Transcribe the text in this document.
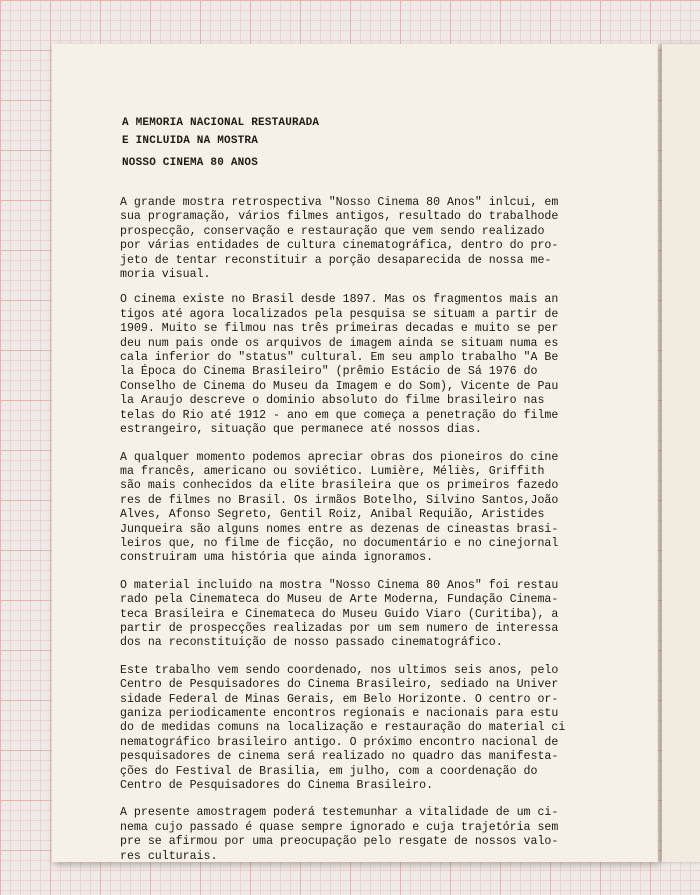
A MEMORIA NACIONAL RESTAURADA
E INCLUIDA NA MOSTRA
NOSSO CINEMA 80 ANOS
A grande mostra retrospectiva "Nosso Cinema 80 Anos" inlcui, em
sua programação, vários filmes antigos, resultado do trabalhode
prospecção, conservação e restauração que vem sendo realizado
por várias entidades de cultura cinematográfica, dentro do pro-
jeto de tentar reconstituir a porção desaparecida de nossa me-
moria visual.
O cinema existe no Brasil desde 1897. Mas os fragmentos mais an
tigos até agora localizados pela pesquisa se situam a partir de
1909. Muito se filmou nas três primeiras decadas e muito se per
deu num pais onde os arquivos de imagem ainda se situam numa es
cala inferior do "status" cultural. Em seu amplo trabalho "A Be
la Época do Cinema Brasileiro" (prêmio Estácio de Sá 1976 do
Conselho de Cinema do Museu da Imagem e do Som), Vicente de Pau
la Araujo descreve o dominio absoluto do filme brasileiro nas
telas do Rio até 1912 - ano em que começa a penetração do filme
estrangeiro, situação que permanece até nossos dias.
A qualquer momento podemos apreciar obras dos pioneiros do cine
ma francês, americano ou soviético. Lumière, Méliès, Griffith
são mais conhecidos da elite brasileira que os primeiros fazedo
res de filmes no Brasil. Os irmãos Botelho, Silvino Santos,João
Alves, Afonso Segreto, Gentil Roiz, Anibal Requião, Aristides
Junqueira são alguns nomes entre as dezenas de cineastas brasi-
leiros que, no filme de ficção, no documentário e no cinejornal
construiram uma história que ainda ignoramos.
O material incluido na mostra "Nosso Cinema 80 Anos" foi restau
rado pela Cinemateca do Museu de Arte Moderna, Fundação Cinema-
teca Brasileira e Cinemateca do Museu Guido Viaro (Curitiba), a
partir de prospecções realizadas por um sem numero de interessa
dos na reconstituição de nosso passado cinematográfico.
Este trabalho vem sendo coordenado, nos ultimos seis anos, pelo
Centro de Pesquisadores do Cinema Brasileiro, sediado na Univer
sidade Federal de Minas Gerais, em Belo Horizonte. O centro or-
ganiza periodicamente encontros regionais e nacionais para estu
do de medidas comuns na localização e restauração do material ci
nematográfico brasileiro antigo. O próximo encontro nacional de
pesquisadores de cinema será realizado no quadro das manifesta-
ções do Festival de Brasilia, em julho, com a coordenação do
Centro de Pesquisadores do Cinema Brasileiro.
A presente amostragem poderá testemunhar a vitalidade de um ci-
nema cujo passado é quase sempre ignorado e cuja trajetória sem
pre se afirmou por uma preocupação pelo resgate de nossos valo-
res culturais.
